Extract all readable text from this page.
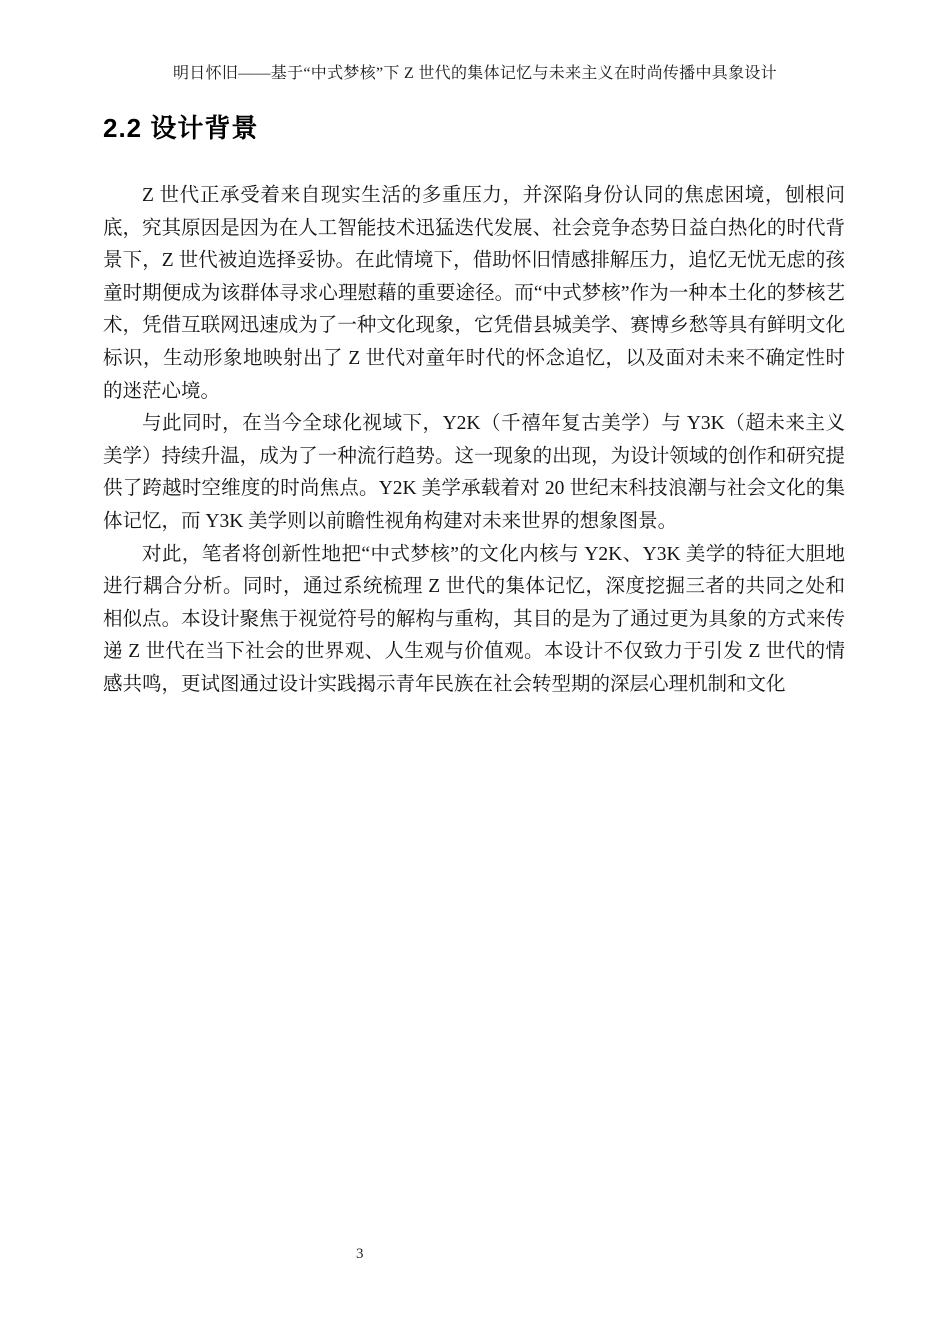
明日怀旧——基于“中式梦核”下 Z 世代的集体记忆与未来主义在时尚传播中具象设计
2.2 设计背景

Z 世代正承受着来自现实生活的多重压力，并深陷身份认同的焦虑困境，刨根问底，究其原因是因为在人工智能技术迅猛迭代发展、社会竞争态势日益白热化的时代背景下，Z 世代被迫选择妥协。在此情境下，借助怀旧情感排解压力，追忆无忧无虑的孩童时期便成为该群体寻求心理慰藉的重要途径。而“中式梦核”作为一种本土化的梦核艺术，凭借互联网迅速成为了一种文化现象，它凭借县城美学、赛博乡愁等具有鲜明文化标识，生动形象地映射出了 Z 世代对童年时代的怀念追忆，以及面对未来不确定性时的迷茫心境。

与此同时，在当今全球化视域下，Y2K（千禧年复古美学）与 Y3K（超未来主义美学）持续升温，成为了一种流行趋势。这一现象的出现，为设计领域的创作和研究提供了跨越时空维度的时尚焦点。Y2K 美学承载着对 20 世纪末科技浪潮与社会文化的集体记忆，而 Y3K 美学则以前瞻性视角构建对未来世界的想象图景。

对此，笔者将创新性地把“中式梦核”的文化内核与 Y2K、Y3K 美学的特征大胆地进行耦合分析。同时，通过系统梳理 Z 世代的集体记忆，深度挖掘三者的共同之处和相似点。本设计聚焦于视觉符号的解构与重构，其目的是为了通过更为具象的方式来传递 Z 世代在当下社会的世界观、人生观与价值观。本设计不仅致力于引发 Z 世代的情感共鸣，更试图通过设计实践揭示青年民族在社会转型期的深层心理机制和文化

3
